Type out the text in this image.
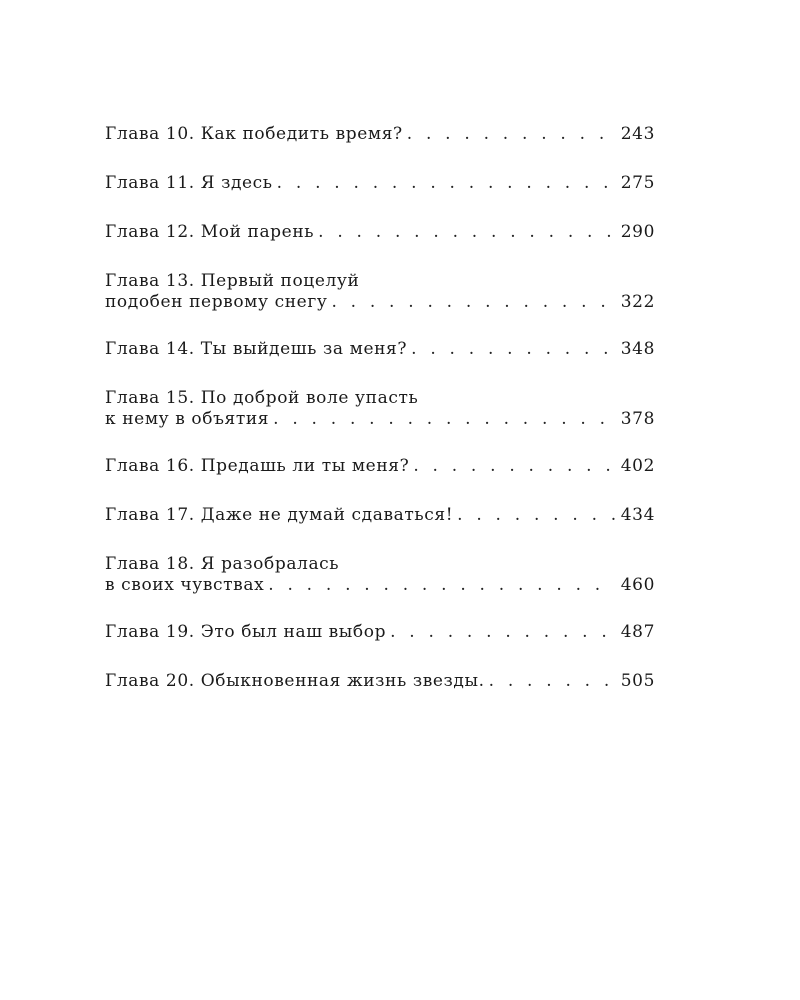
Глава 10. Как победить время? . . .	243
Глава 11. Я здесь . . .	275
Глава 12. Мой парень . . .	290
Глава 13. Первый поцелуй
подобен первому снегу . . .	322
Глава 14. Ты выйдешь за меня? . . .	348
Глава 15. По доброй воле упасть
к нему в объятия . . .	378
Глава 16. Предашь ли ты меня? . . .	402
Глава 17. Даже не думай сдаваться! . . .	434
Глава 18. Я разобралась
в своих чувствах . . .	460
Глава 19. Это был наш выбор . . .	487
Глава 20. Обыкновенная жизнь звезды. . . .	505
